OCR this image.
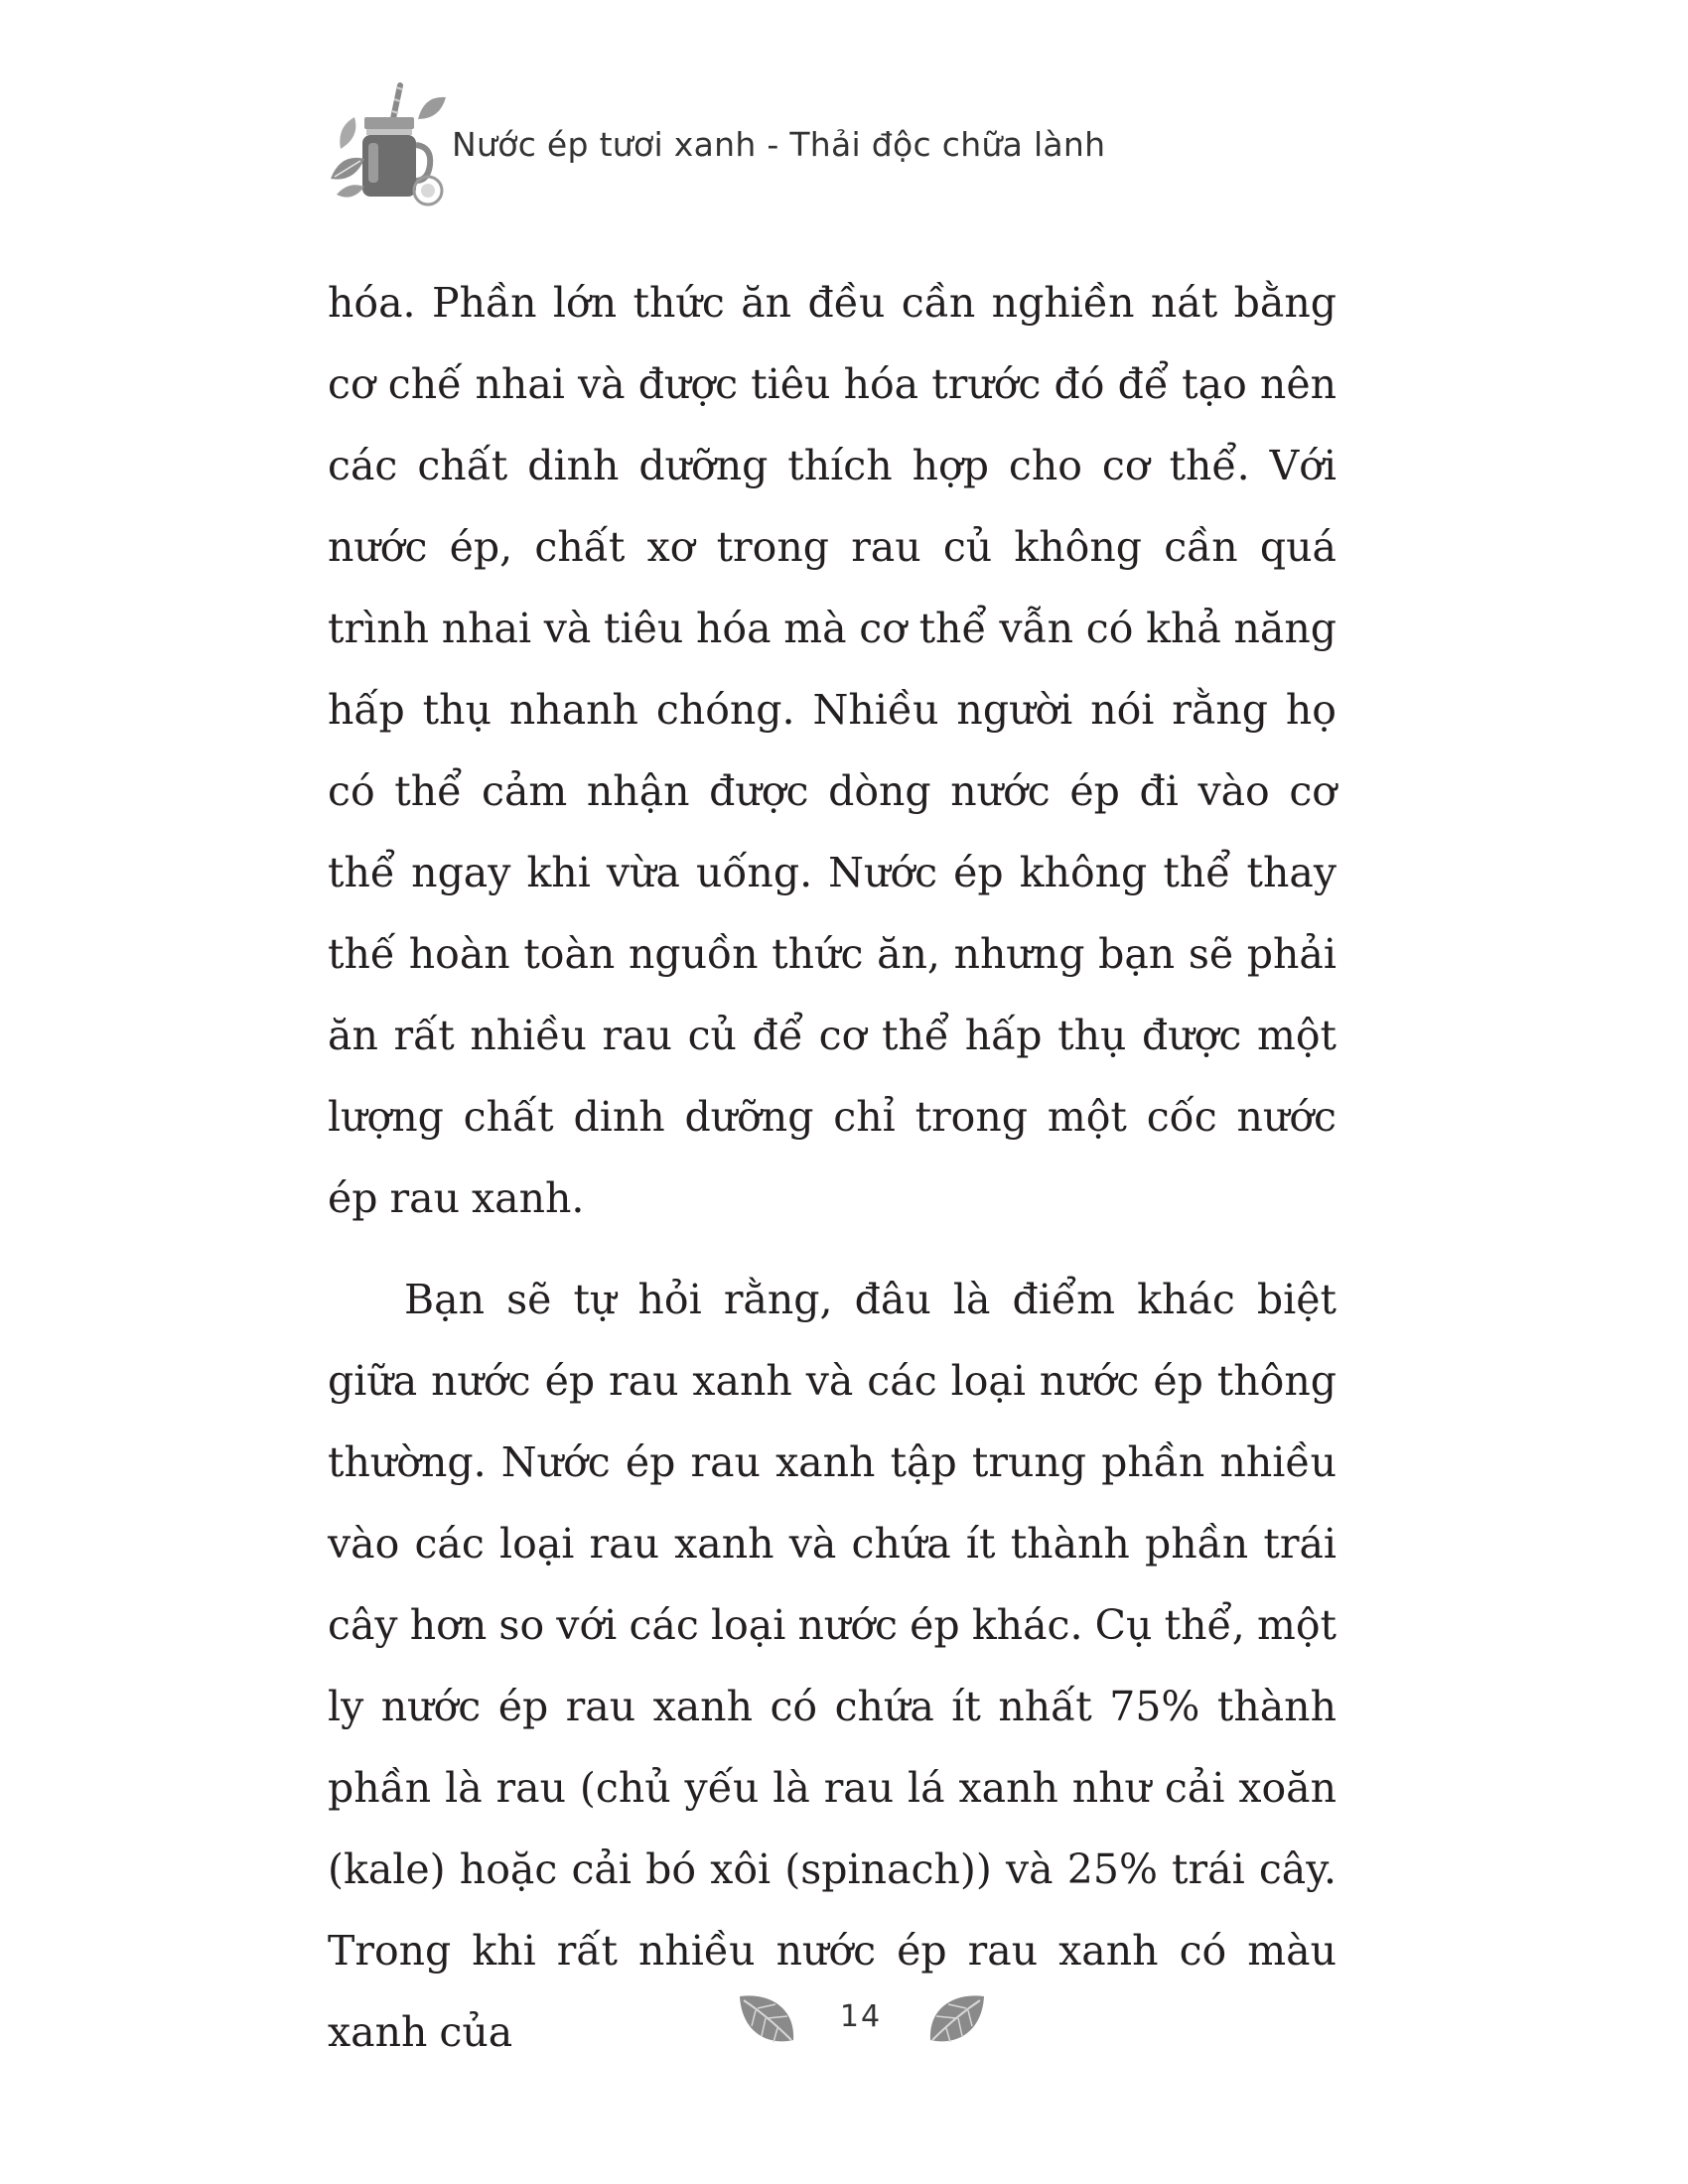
Nước ép tươi xanh - Thải độc chữa lành

hóa. Phần lớn thức ăn đều cần nghiền nát bằng cơ chế nhai và được tiêu hóa trước đó để tạo nên các chất dinh dưỡng thích hợp cho cơ thể. Với nước ép, chất xơ trong rau củ không cần quá trình nhai và tiêu hóa mà cơ thể vẫn có khả năng hấp thụ nhanh chóng. Nhiều người nói rằng họ có thể cảm nhận được dòng nước ép đi vào cơ thể ngay khi vừa uống. Nước ép không thể thay thế hoàn toàn nguồn thức ăn, nhưng bạn sẽ phải ăn rất nhiều rau củ để cơ thể hấp thụ được một lượng chất dinh dưỡng chỉ trong một cốc nước ép rau xanh.

Bạn sẽ tự hỏi rằng, đâu là điểm khác biệt giữa nước ép rau xanh và các loại nước ép thông thường. Nước ép rau xanh tập trung phần nhiều vào các loại rau xanh và chứa ít thành phần trái cây hơn so với các loại nước ép khác. Cụ thể, một ly nước ép rau xanh có chứa ít nhất 75% thành phần là rau (chủ yếu là rau lá xanh như cải xoăn (kale) hoặc cải bó xôi (spinach)) và 25% trái cây. Trong khi rất nhiều nước ép rau xanh có màu xanh của	14
